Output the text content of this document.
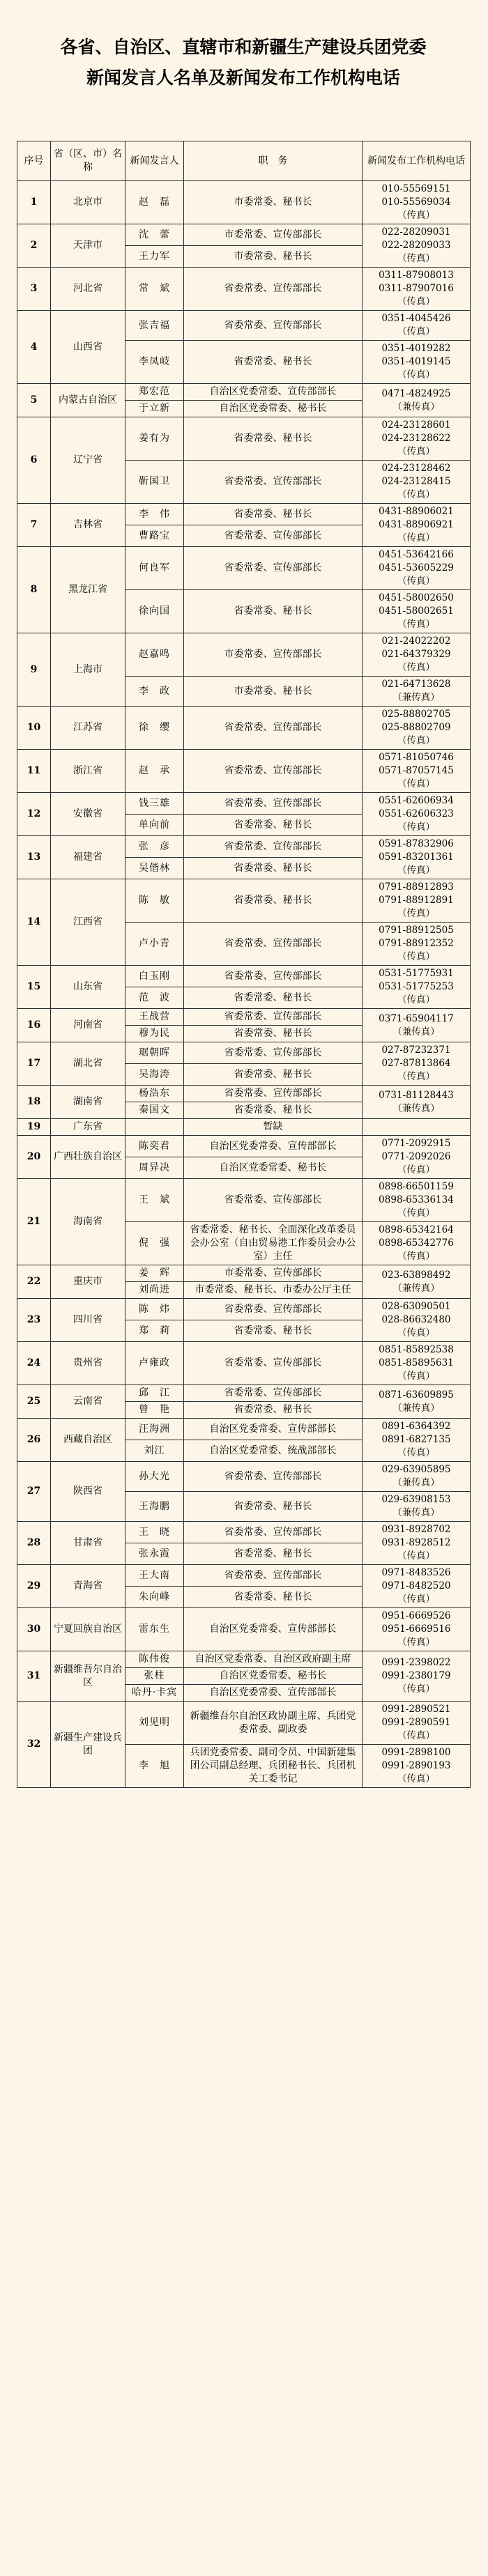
各省、自治区、直辖市和新疆生产建设兵团党委
新闻发言人名单及新闻发布工作机构电话
序号	省（区、市）名称	新闻发言人	职　务	新闻发布工作机构电话
1	北京市	赵　磊	市委常委、秘书长	010-55569151
010-55569034
（传真）

2	天津市	沈　蕾	市委常委、宣传部部长	022-28209031
022-28209033
（传真）

		王力军	市委常委、秘书长	
3	河北省	常　斌	省委常委、宣传部部长	0311-87908013
0311-87907016
（传真）

4	山西省	张吉福	省委常委、宣传部部长	0351-4045426
（传真）

		李凤岐	省委常委、秘书长	0351-4019282
0351-4019145
（传真）

5	内蒙古自治区	郑宏范	自治区党委常委、宣传部部长	0471-4824925
（兼传真）

		于立新	自治区党委常委、秘书长	
6	辽宁省	姜有为	省委常委、秘书长	024-23128601
024-23128622
（传真）

		靳国卫	省委常委、宣传部部长	024-23128462
024-23128415
（传真）

7	吉林省	李　伟	省委常委、秘书长	0431-88906021
0431-88906921
（传真）

		曹路宝	省委常委、宣传部部长	
8	黑龙江省	何良军	省委常委、宣传部部长	0451-53642166
0451-53605229
（传真）

		徐向国	省委常委、秘书长	0451-58002650
0451-58002651
（传真）

9	上海市	赵嘉鸣	市委常委、宣传部部长	021-24022202
021-64379329
（传真）

		李　政	市委常委、秘书长	021-64713628
（兼传真）

10	江苏省	徐　缨	省委常委、宣传部部长	025-88802705
025-88802709
（传真）

11	浙江省	赵　承	省委常委、宣传部部长	0571-81050746
0571-87057145
（传真）

12	安徽省	钱三雄	省委常委、宣传部部长	0551-62606934
0551-62606323
（传真）

		单向前	省委常委、秘书长	
13	福建省	张　彦	省委常委、宣传部部长	0591-87832906
0591-83201361
（传真）

		吴偕林	省委常委、秘书长	
14	江西省	陈　敏	省委常委、秘书长	0791-88912893
0791-88912891
（传真）

		卢小青	省委常委、宣传部部长	0791-88912505
0791-88912352
（传真）

15	山东省	白玉刚	省委常委、宣传部部长	0531-51775931
0531-51775253
（传真）

		范　波	省委常委、秘书长	
16	河南省	王战营	省委常委、宣传部部长	0371-65904117
（兼传真）

		穆为民	省委常委、秘书长	
17	湖北省	琚朝晖	省委常委、宣传部部长	027-87232371
027-87813864
（传真）

		吴海涛	省委常委、秘书长	
18	湖南省	杨浩东	省委常委、宣传部部长	0731-81128443
（兼传真）

		秦国文	省委常委、秘书长	
19	广东省		暂缺	

20	广西壮族自治区	陈奕君	自治区党委常委、宣传部部长	0771-2092915
0771-2092026
（传真）

		周异决	自治区党委常委、秘书长	
21	海南省	王　斌	省委常委、宣传部部长	0898-66501159
0898-65336134
（传真）

		倪　强	省委常委、秘书长、全面深化改革委员会办公室（自由贸易港工作委员会办公室）主任	0898-65342164
0898-65342776
（传真）

22	重庆市	姜　辉	市委常委、宣传部部长	023-63898492
（兼传真）

		刘尚进	市委常委、秘书长、市委办公厅主任	
23	四川省	陈　炜	省委常委、宣传部部长	028-63090501
028-86632480
（传真）

		郑　莉	省委常委、秘书长	
24	贵州省	卢雍政	省委常委、宣传部部长	0851-85892538
0851-85895631
（传真）

25	云南省	邱　江	省委常委、宣传部部长	0871-63609895
（兼传真）

		曾　艳	省委常委、秘书长	
26	西藏自治区	汪海洲	自治区党委常委、宣传部部长	0891-6364392
0891-6827135
（传真）

		刘江	自治区党委常委、统战部部长	
27	陕西省	孙大光	省委常委、宣传部部长	029-63905895
（兼传真）

		王海鹏	省委常委、秘书长	029-63908153
（兼传真）

28	甘肃省	王　晓	省委常委、宣传部部长	0931-8928702
0931-8928512
（传真）

		张永霞	省委常委、秘书长	
29	青海省	王大南	省委常委、宣传部部长	0971-8483526
0971-8482520
（传真）

		朱向峰	省委常委、秘书长	
30	宁夏回族自治区	雷东生	自治区党委常委、宣传部部长	0951-6669526
0951-6669516
（传真）

31	新疆维吾尔自治区	陈伟俊	自治区党委常委、自治区政府副主席	0991-2398022
0991-2380179
（传真）

		张柱	自治区党委常委、秘书长	
		哈丹·卡宾	自治区党委常委、宣传部部长	
32	新疆生产建设兵团	刘见明	新疆维吾尔自治区政协副主席、兵团党委常委、副政委	0991-2890521
0991-2890591
（传真）

		李　旭	兵团党委常委、副司令员、中国新建集团公司副总经理、兵团秘书长、兵团机关工委书记	0991-2898100
0991-2890193
（传真）
